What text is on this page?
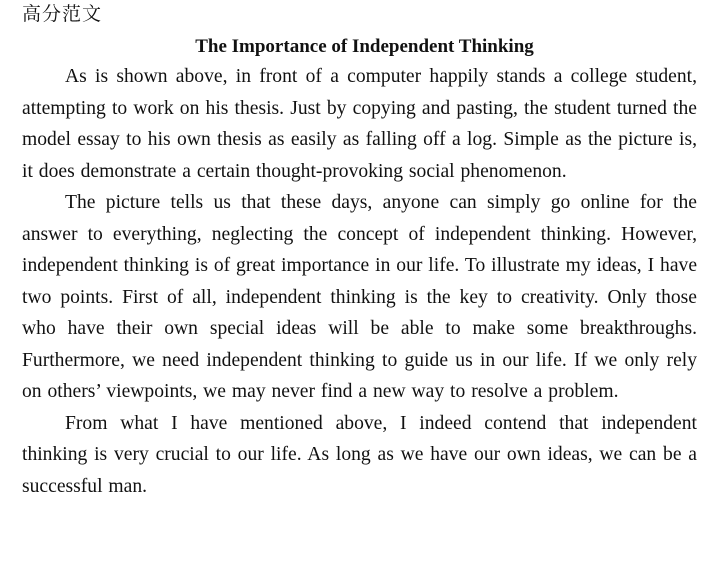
高分范文
The Importance of Independent Thinking

As is shown above, in front of a computer happily stands a college student, attempting to work on his thesis. Just by copying and pasting, the student turned the model essay to his own thesis as easily as falling off a log. Simple as the picture is, it does demonstrate a certain thought-provoking social phenomenon.

The picture tells us that these days, anyone can simply go online for the answer to everything, neglecting the concept of independent thinking. However, independent thinking is of great importance in our life. To illustrate my ideas, I have two points. First of all, independent thinking is the key to creativity. Only those who have their own special ideas will be able to make some breakthroughs. Furthermore, we need independent thinking to guide us in our life. If we only rely on others’ viewpoints, we may never find a new way to resolve a problem.

From what I have mentioned above, I indeed contend that independent thinking is very crucial to our life. As long as we have our own ideas, we can be a successful man.
